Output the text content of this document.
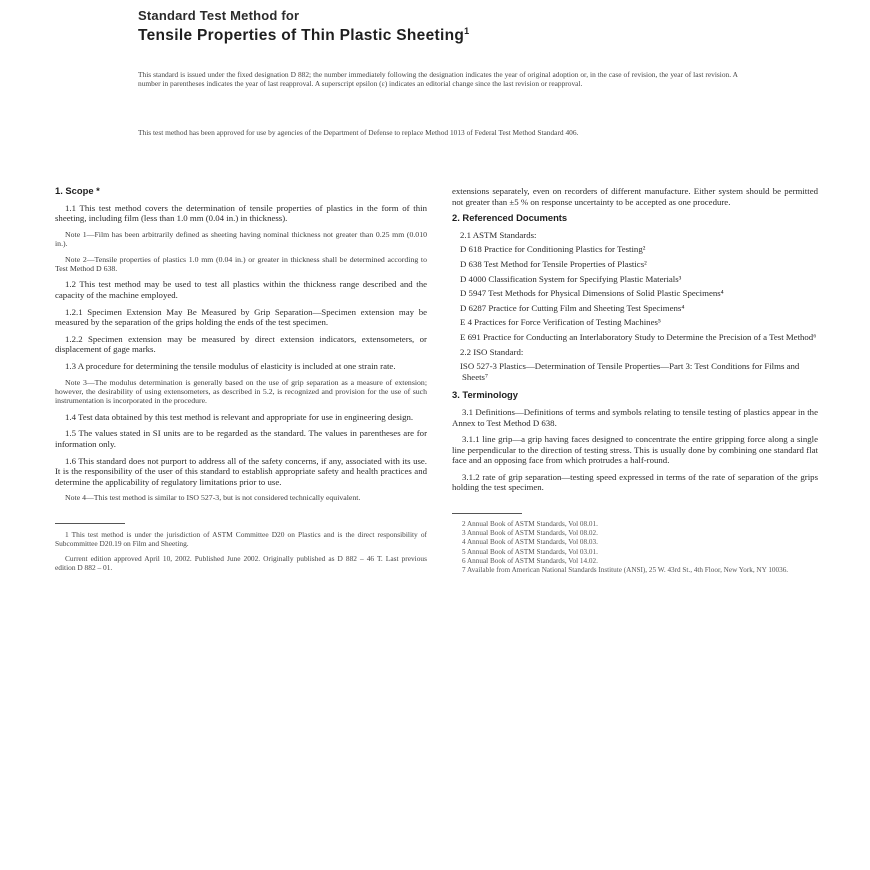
Standard Test Method for
Tensile Properties of Thin Plastic Sheeting$^1$
This standard is issued under the fixed designation D 882; the number immediately following the designation indicates the year of original adoption or, in the case of revision, the year of last revision. A number in parentheses indicates the year of last reapproval. A superscript epsilon (ε) indicates an editorial change since the last revision or reapproval.
This test method has been approved for use by agencies of the Department of Defense to replace Method 1013 of Federal Test Method Standard 406.
1. Scope *

1.1 This test method covers the determination of tensile properties of plastics in the form of thin sheeting, including film (less than 1.0 mm (0.04 in.) in thickness).

Note 1—Film has been arbitrarily defined as sheeting having nominal thickness not greater than 0.25 mm (0.010 in.).

Note 2—Tensile properties of plastics 1.0 mm (0.04 in.) or greater in thickness shall be determined according to Test Method D 638.

1.2 This test method may be used to test all plastics within the thickness range described and the capacity of the machine employed.

1.2.1 Specimen Extension May Be Measured by Grip Separation—Specimen extension may be measured by the separation of the grips holding the ends of the test specimen.

1.2.2 Specimen extension may be measured by direct extension indicators, extensometers, or displacement of gage marks.

1.3 A procedure for determining the tensile modulus of elasticity is included at one strain rate.

Note 3—The modulus determination is generally based on the use of grip separation as a measure of extension; however, the desirability of using extensometers, as described in 5.2, is recognized and provision for the use of such instrumentation is incorporated in the procedure.

1.4 Test data obtained by this test method is relevant and appropriate for use in engineering design.

1.5 The values stated in SI units are to be regarded as the standard. The values in parentheses are for information only.

1.6 This standard does not purport to address all of the safety concerns, if any, associated with its use. It is the responsibility of the user of this standard to establish appropriate safety and health practices and determine the applicability of regulatory limitations prior to use.

Note 4—This test method is similar to ISO 527-3, but is not considered technically equivalent.

1 This test method is under the jurisdiction of ASTM Committee D20 on Plastics and is the direct responsibility of Subcommittee D20.19 on Film and Sheeting.

Current edition approved April 10, 2002. Published June 2002. Originally published as D 882 – 46 T. Last previous edition D 882 – 01.

extensions separately, even on recorders of different manufacture. Either system should be permitted not greater than ±5 % on response uncertainty to be accepted as one procedure.

2. Referenced Documents
2.1 ASTM Standards:
D 618 Practice for Conditioning Plastics for Testing²
D 638 Test Method for Tensile Properties of Plastics²
D 4000 Classification System for Specifying Plastic Materials³
D 5947 Test Methods for Physical Dimensions of Solid Plastic Specimens⁴
D 6287 Practice for Cutting Film and Sheeting Test Specimens⁴
E 4 Practices for Force Verification of Testing Machines⁵
E 691 Practice for Conducting an Interlaboratory Study to Determine the Precision of a Test Method⁶
2.2 ISO Standard:
ISO 527-3 Plastics—Determination of Tensile Properties—Part 3: Test Conditions for Films and Sheets⁷
3. Terminology

3.1 Definitions—Definitions of terms and symbols relating to tensile testing of plastics appear in the Annex to Test Method D 638.

3.1.1 line grip—a grip having faces designed to concentrate the entire gripping force along a single line perpendicular to the direction of testing stress. This is usually done by combining one standard flat face and an opposing face from which protrudes a half-round.

3.1.2 rate of grip separation—testing speed expressed in terms of the rate of separation of the grips holding the test specimen.

2 Annual Book of ASTM Standards, Vol 08.01.
3 Annual Book of ASTM Standards, Vol 08.02.
4 Annual Book of ASTM Standards, Vol 08.03.
5 Annual Book of ASTM Standards, Vol 03.01.
6 Annual Book of ASTM Standards, Vol 14.02.
7 Available from American National Standards Institute (ANSI), 25 W. 43rd St., 4th Floor, New York, NY 10036.
